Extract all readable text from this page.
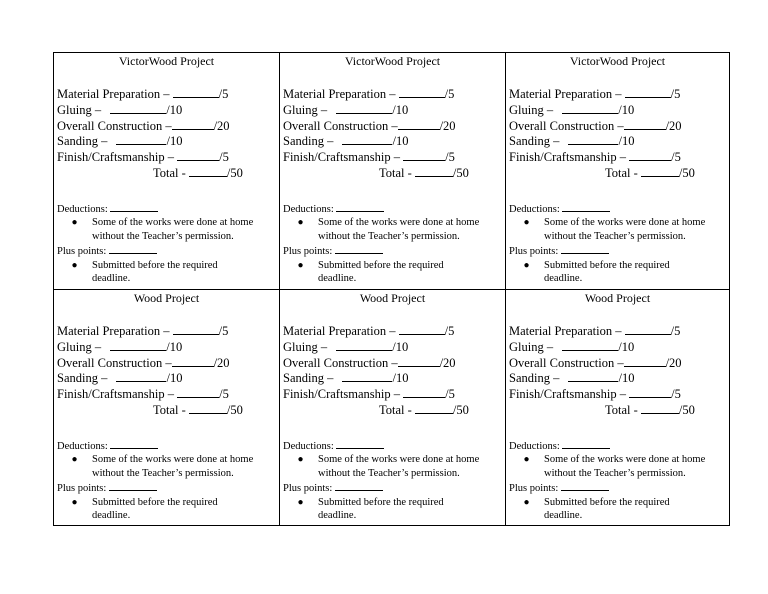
VictorWood Project
Material Preparation –	/5
Gluing –	/10
Overall Construction –	/20
Sanding –	/10
Finish/Craftsmanship –	/5
Total -	/50
Deductions:
●	Some of the works were done at home without the Teacher’s permission.
Plus points:
●	Submitted before the required deadline.
VictorWood Project
Material Preparation –	/5
Gluing –	/10
Overall Construction –	/20
Sanding –	/10
Finish/Craftsmanship –	/5
Total -	/50
Deductions:
●	Some of the works were done at home without the Teacher’s permission.
Plus points:
●	Submitted before the required deadline.
VictorWood Project
Material Preparation –	/5
Gluing –	/10
Overall Construction –	/20
Sanding –	/10
Finish/Craftsmanship –	/5
Total -	/50
Deductions:
●	Some of the works were done at home without the Teacher’s permission.
Plus points:
●	Submitted before the required deadline.
Wood Project
Material Preparation –	/5
Gluing –	/10
Overall Construction –	/20
Sanding –	/10
Finish/Craftsmanship –	/5
Total -	/50
Deductions:
●	Some of the works were done at home without the Teacher’s permission.
Plus points:
●	Submitted before the required deadline.
Wood Project
Material Preparation –	/5
Gluing –	/10
Overall Construction –	/20
Sanding –	/10
Finish/Craftsmanship –	/5
Total -	/50
Deductions:
●	Some of the works were done at home without the Teacher’s permission.
Plus points:
●	Submitted before the required deadline.
Wood Project
Material Preparation –	/5
Gluing –	/10
Overall Construction –	/20
Sanding –	/10
Finish/Craftsmanship –	/5
Total -	/50
Deductions:
●	Some of the works were done at home without the Teacher’s permission.
Plus points:
●	Submitted before the required deadline.
